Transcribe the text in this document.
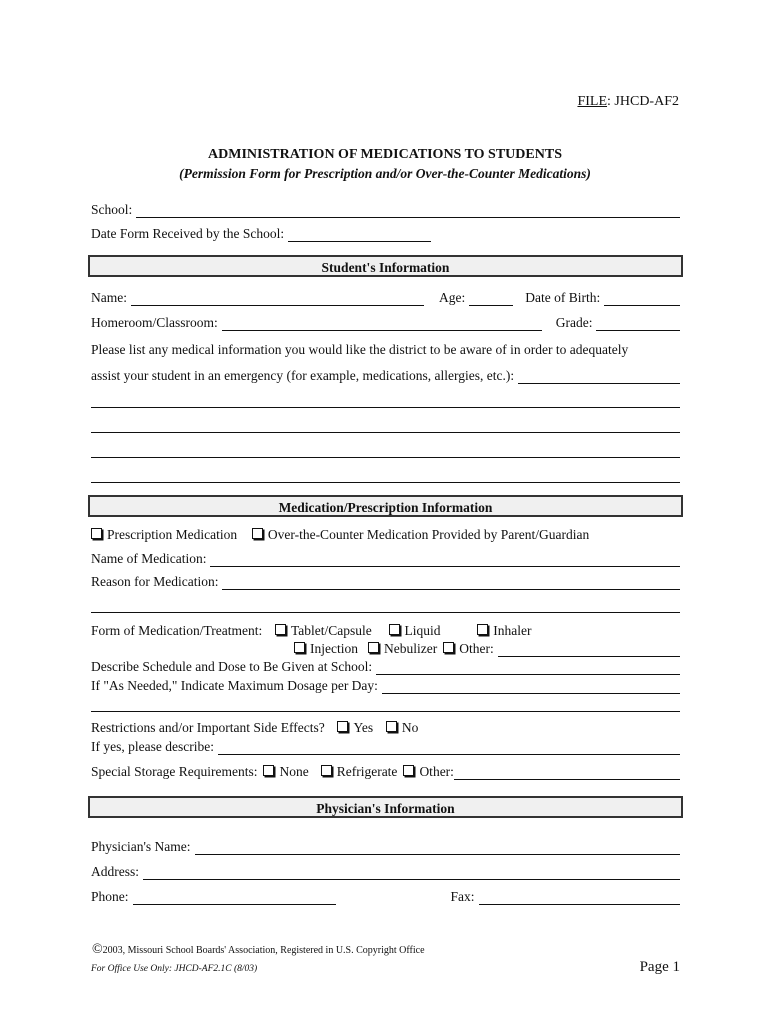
FILE: JHCD-AF2
ADMINISTRATION OF MEDICATIONS TO STUDENTS
(Permission Form for Prescription and/or Over-the-Counter Medications)
School:
Date Form Received by the School:
Student's Information
Name:	Age:	Date of Birth:
Homeroom/Classroom:	Grade:
Please list any medical information you would like the district to be aware of in order to adequately
assist your student in an emergency (for example, medications, allergies, etc.):
Medication/Prescription Information
Prescription Medication Over-the-Counter Medication Provided by Parent/Guardian
Name of Medication:
Reason for Medication:
Form of Medication/Treatment: Tablet/Capsule Liquid	Inhaler
Injection	Nebulizer	Other:
Describe Schedule and Dose to Be Given at School:
If "As Needed," Indicate Maximum Dosage per Day:
Restrictions and/or Important Side Effects? Yes No
If yes, please describe:
Special Storage Requirements:	None	Refrigerate	Other:
Physician's Information
Physician's Name:
Address:
Phone:	Fax:
©2003, Missouri School Boards' Association, Registered in U.S. Copyright Office
For Office Use Only: JHCD-AF2.1C (8/03)	Page 1
